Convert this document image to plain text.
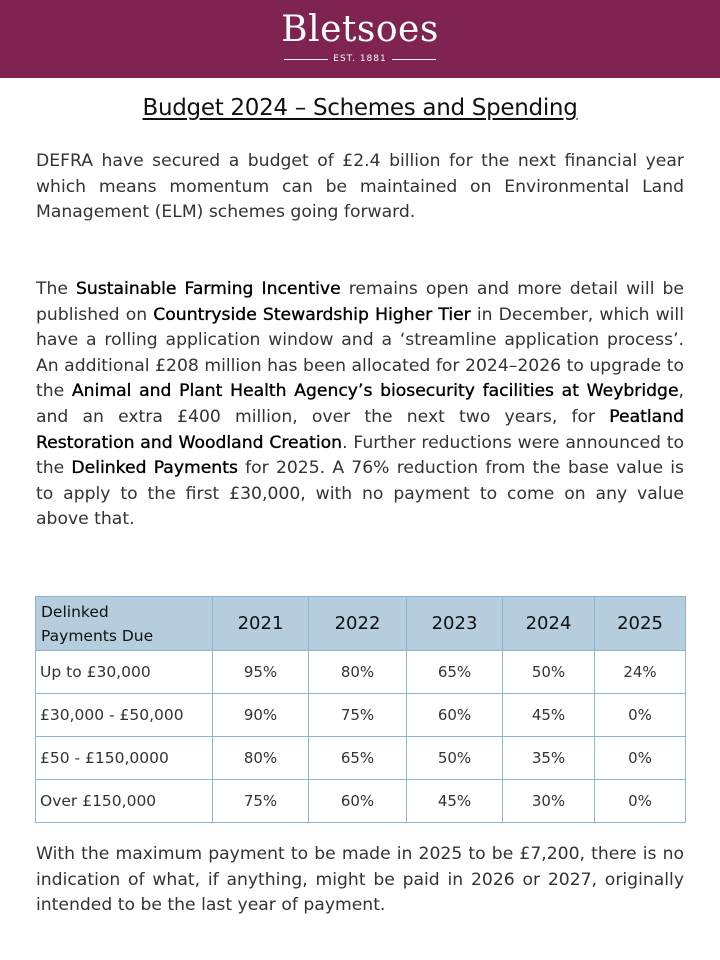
Bletsoes
EST. 1881
Budget 2024 – Schemes and Spending
DEFRA have secured a budget of £2.4 billion for the next financial year which means momentum can be maintained on Environmental Land Management (ELM) schemes going forward.
The Sustainable Farming Incentive remains open and more detail will be published on Countryside Stewardship Higher Tier in December, which will have a rolling application window and a ‘streamline application process’. An additional £208 million has been allocated for 2024–2026 to upgrade to the Animal and Plant Health Agency’s biosecurity facilities at Weybridge, and an extra £400 million, over the next two years, for Peatland Restoration and Woodland Creation. Further reductions were announced to the Delinked Payments for 2025. A 76% reduction from the base value is to apply to the first £30,000, with no payment to come on any value above that.
Delinked
Payments Due	2021	2022	2023	2024	2025
Up to £30,000	95%	80%	65%	50%	24%
£30,000 - £50,000	90%	75%	60%	45%	0%
£50 - £150,0000	80%	65%	50%	35%	0%
Over £150,000	75%	60%	45%	30%	0%
With the maximum payment to be made in 2025 to be £7,200, there is no indication of what, if anything, might be paid in 2026 or 2027, originally intended to be the last year of payment.
